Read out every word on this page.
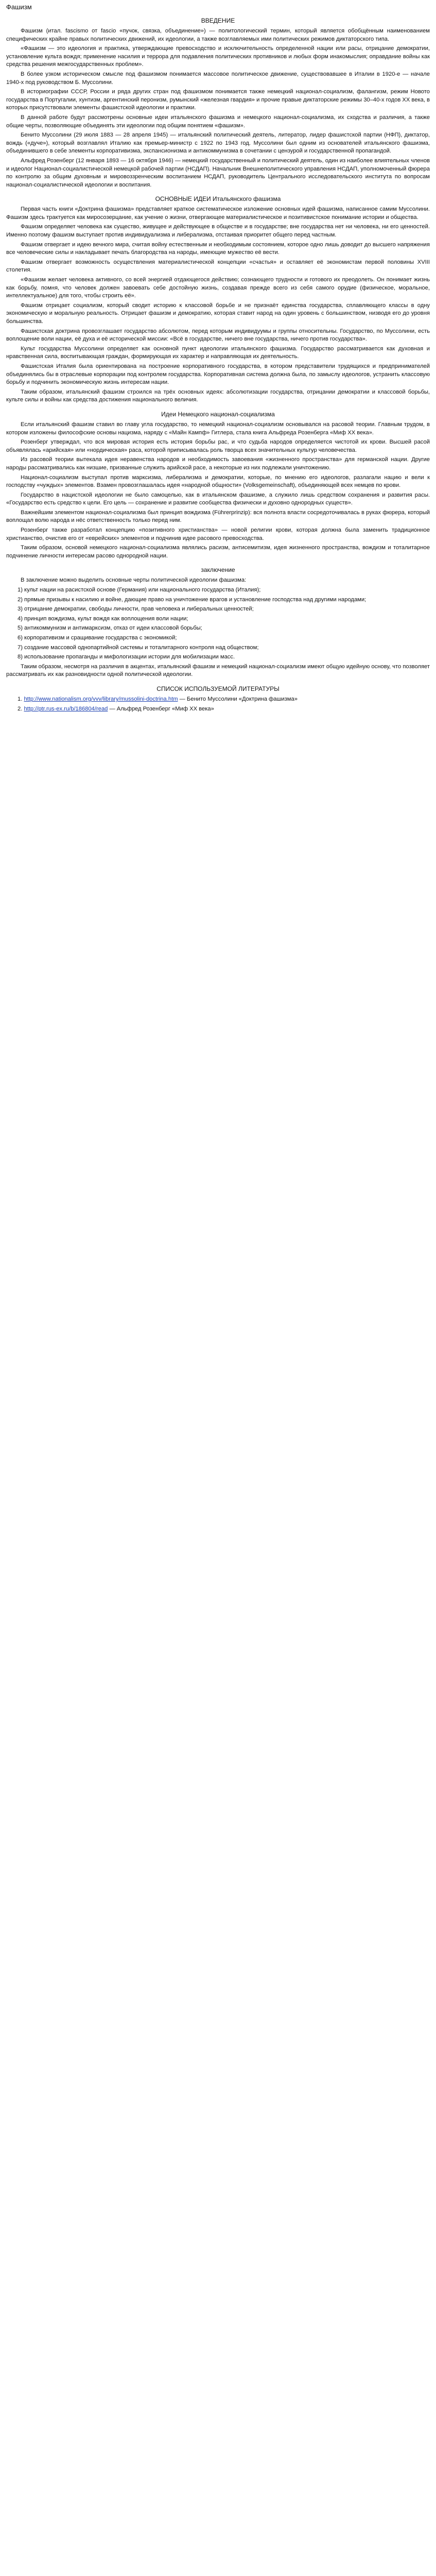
Фашизм
ВВЕДЕНИЕ

Фашизм (итал. fascismo от fascio «пучок, связка, объединение») — политологический термин, который является обобщённым наименованием специфических крайне правых политических движений, их идеологии, а также возглавляемых ими политических режимов диктаторского типа.

«Фашизм — это идеология и практика, утверждающие превосходство и исключительность определенной нации или расы, отрицание демократии, установление культа вождя; применение насилия и террора для подавления политических противников и любых форм инакомыслия; оправдание войны как средства решения межгосударственных проблем».

В более узком историческом смысле под фашизмом понимается массовое политическое движение, существовавшее в Италии в 1920-е — начале 1940-х под руководством Б. Муссолини.

В историографии СССР, России и ряда других стран под фашизмом понимается также немецкий национал-социализм, фалангизм, режим Новото государства в Португалии, хунтизм, аргентинский перонизм, румынский «железная гвардия» и прочие правые диктаторские режимы 30–40-х годов XX века, в которых присутствовали элементы фашистской идеологии и практики.

В данной работе будут рассмотрены основные идеи итальянского фашизма и немецкого национал-социализма, их сходства и различия, а также общие черты, позволяющие объединять эти идеологии под общим понятием «фашизм».

Бенито Муссолини (29 июля 1883 — 28 апреля 1945) — итальянский политический деятель, литератор, лидер фашистской партии (НФП), диктатор, вождь («дуче»), который возглавлял Италию как премьер-министр с 1922 по 1943 год. Муссолини был одним из основателей итальянского фашизма, объединившего в себе элементы корпоративизма, экспансионизма и антикоммунизма в сочетании с цензурой и государственной пропагандой.

Альфред Розенберг (12 января 1893 — 16 октября 1946) — немецкий государственный и политический деятель, один из наиболее влиятельных членов и идеолог Национал-социалистической немецкой рабочей партии (НСДАП). Начальник Внешнеполитического управления НСДАП, уполномоченный фюрера по контролю за общим духовным и мировоззренческим воспитанием НСДАП, руководитель Центрального исследовательского института по вопросам национал-социалистической идеологии и воспитания.

ОСНОВНЫЕ ИДЕИ Итальянского фашизма

Первая часть книги «Доктрина фашизма» представляет краткое систематическое изложение основных идей фашизма, написанное самим Муссолини. Фашизм здесь трактуется как миросозерцание, как учение о жизни, отвергающее материалистическое и позитивистское понимание истории и общества.

Фашизм определяет человека как существо, живущее и действующее в обществе и в государстве; вне государства нет ни человека, ни его ценностей. Именно поэтому фашизм выступает против индивидуализма и либерализма, отстаивая приоритет общего перед частным.

Фашизм отвергает и идею вечного мира, считая войну естественным и необходимым состоянием, которое одно лишь доводит до высшего напряжения все человеческие силы и накладывает печать благородства на народы, имеющие мужество её вести.

Фашизм отвергает возможность осуществления материалистической концепции «счастья» и оставляет её экономистам первой половины XVIII столетия.

«Фашизм желает человека активного, со всей энергией отдающегося действию; сознающего трудности и готового их преодолеть. Он понимает жизнь как борьбу, помня, что человек должен завоевать себе достойную жизнь, создавая прежде всего из себя самого орудие (физическое, моральное, интеллектуальное) для того, чтобы строить её».

Фашизм отрицает социализм, который сводит историю к классовой борьбе и не признаёт единства государства, сплавляющего классы в одну экономическую и моральную реальность. Отрицает фашизм и демократию, которая ставит народ на один уровень с большинством, низводя его до уровня большинства.

Фашистская доктрина провозглашает государство абсолютом, перед которым индивидуумы и группы относительны. Государство, по Муссолини, есть воплощение воли нации, её духа и её исторической миссии: «Всё в государстве, ничего вне государства, ничего против государства».

Культ государства Муссолини определяет как основной пункт идеологии итальянского фашизма. Государство рассматривается как духовная и нравственная сила, воспитывающая граждан, формирующая их характер и направляющая их деятельность.

Фашистская Италия была ориентирована на построение корпоративного государства, в котором представители трудящихся и предпринимателей объединялись бы в отраслевые корпорации под контролем государства. Корпоративная система должна была, по замыслу идеологов, устранить классовую борьбу и подчинить экономическую жизнь интересам нации.

Таким образом, итальянский фашизм строился на трёх основных идеях: абсолютизации государства, отрицании демократии и классовой борьбы, культе силы и войны как средства достижения национального величия.

Идеи Немецкого национал-социализма

Если итальянский фашизм ставил во главу угла государство, то немецкий национал-социализм основывался на расовой теории. Главным трудом, в котором изложены философские основы нацизма, наряду с «Майн Кампф» Гитлера, стала книга Альфреда Розенберга «Миф XX века».

Розенберг утверждал, что вся мировая история есть история борьбы рас, и что судьба народов определяется чистотой их крови. Высшей расой объявлялась «арийская» или «нордическая» раса, которой приписывалась роль творца всех значительных культур человечества.

Из расовой теории вытекала идея неравенства народов и необходимость завоевания «жизненного пространства» для германской нации. Другие народы рассматривались как низшие, призванные служить арийской расе, а некоторые из них подлежали уничтожению.

Национал-социализм выступал против марксизма, либерализма и демократии, которые, по мнению его идеологов, разлагали нацию и вели к господству «чуждых» элементов. Взамен провозглашалась идея «народной общности» (Volksgemeinschaft), объединяющей всех немцев по крови.

Государство в нацистской идеологии не было самоцелью, как в итальянском фашизме, а служило лишь средством сохранения и развития расы. «Государство есть средство к цели. Его цель — сохранение и развитие сообщества физически и духовно однородных существ».

Важнейшим элементом национал-социализма был принцип вождизма (Führerprinzip): вся полнота власти сосредоточивалась в руках фюрера, который воплощал волю народа и нёс ответственность только перед ним.

Розенберг также разработал концепцию «позитивного христианства» — новой религии крови, которая должна была заменить традиционное христианство, очистив его от «еврейских» элементов и подчинив идее расового превосходства.

Таким образом, основой немецкого национал-социализма являлись расизм, антисемитизм, идея жизненного пространства, вождизм и тоталитарное подчинение личности интересам расово однородной нации.

заключение

В заключение можно выделить основные черты политической идеологии фашизма:

1) культ нации на расистской основе (Германия) или национального государства (Италия);
2) прямые призывы к насилию и войне, дающие право на уничтожение врагов и установление господства над другими народами;
3) отрицание демократии, свободы личности, прав человека и либеральных ценностей;
4) принцип вождизма, культ вождя как воплощения воли нации;
5) антикоммунизм и антимарксизм, отказ от идеи классовой борьбы;
6) корпоративизм и сращивание государства с экономикой;
7) создание массовой однопартийной системы и тоталитарного контроля над обществом;
8) использование пропаганды и мифологизации истории для мобилизации масс.

Таким образом, несмотря на различия в акцентах, итальянский фашизм и немецкий национал-социализм имеют общую идейную основу, что позволяет рассматривать их как разновидности одной политической идеологии.

СПИСОК ИСПОЛЬЗУЕМОЙ ЛИТЕРАТУРЫ
1. http://www.nationalism.org/vvv/library/mussolini-doctrina.htm — Бенито Муссолини «Доктрина фашизма»
2. http://ptr.rus-ex.ru/b/186804/read — Альфред Розенберг «Миф XX века»
